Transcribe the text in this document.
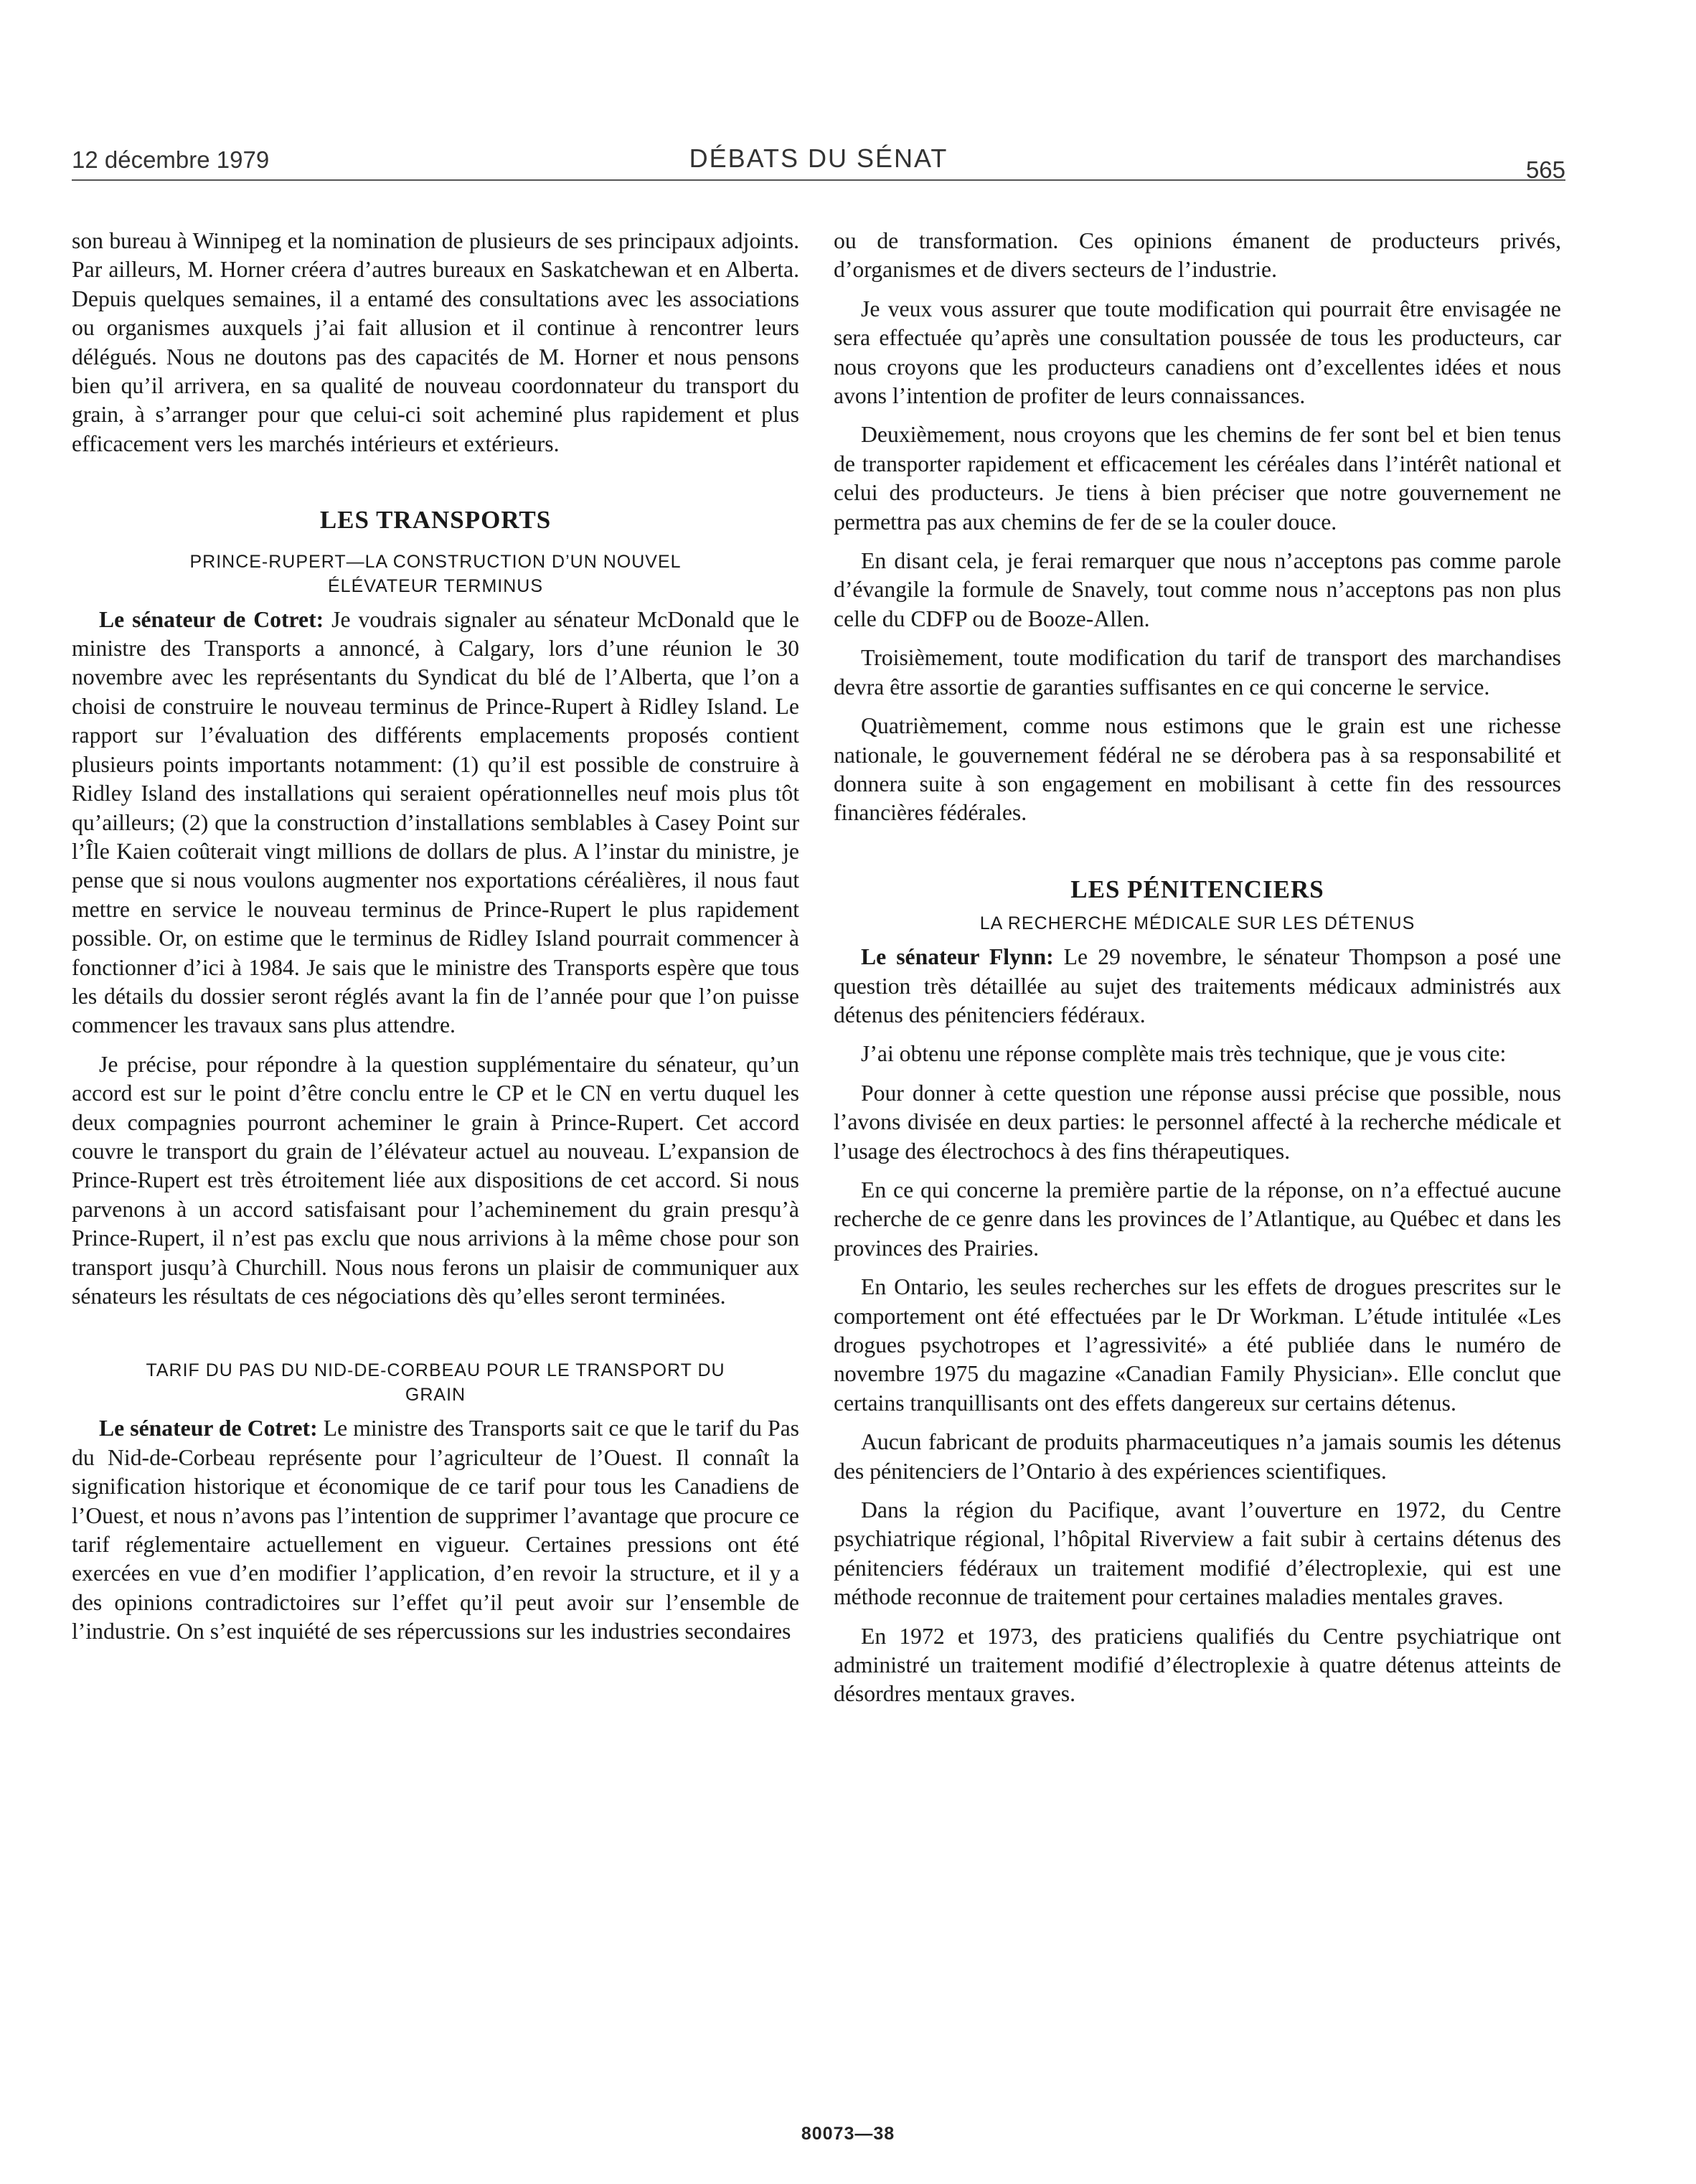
12 décembre 1979	DÉBATS DU SÉNAT	565

son bureau à Winnipeg et la nomination de plusieurs de ses principaux adjoints. Par ailleurs, M. Horner créera d’autres bureaux en Saskatchewan et en Alberta. Depuis quelques semaines, il a entamé des consultations avec les associations ou organismes auxquels j’ai fait allusion et il continue à rencontrer leurs délégués. Nous ne doutons pas des capacités de M. Horner et nous pensons bien qu’il arrivera, en sa qualité de nouveau coordonnateur du transport du grain, à s’arranger pour que celui-ci soit acheminé plus rapidement et plus efficacement vers les marchés intérieurs et extérieurs.

LES TRANSPORTS
PRINCE-RUPERT—LA CONSTRUCTION D’UN NOUVEL
ÉLÉVATEUR TERMINUS

Le sénateur de Cotret: Je voudrais signaler au sénateur McDonald que le ministre des Transports a annoncé, à Calgary, lors d’une réunion le 30 novembre avec les représentants du Syndicat du blé de l’Alberta, que l’on a choisi de construire le nouveau terminus de Prince-Rupert à Ridley Island. Le rapport sur l’évaluation des différents emplacements proposés contient plusieurs points importants notamment: (1) qu’il est possible de construire à Ridley Island des installations qui seraient opérationnelles neuf mois plus tôt qu’ailleurs; (2) que la construction d’installations semblables à Casey Point sur l’Île Kaien coûterait vingt millions de dollars de plus. A l’instar du ministre, je pense que si nous voulons augmenter nos exportations céréalières, il nous faut mettre en service le nouveau terminus de Prince-Rupert le plus rapidement possible. Or, on estime que le terminus de Ridley Island pourrait commencer à fonctionner d’ici à 1984. Je sais que le ministre des Transports espère que tous les détails du dossier seront réglés avant la fin de l’année pour que l’on puisse commencer les travaux sans plus attendre.

Je précise, pour répondre à la question supplémentaire du sénateur, qu’un accord est sur le point d’être conclu entre le CP et le CN en vertu duquel les deux compagnies pourront acheminer le grain à Prince-Rupert. Cet accord couvre le transport du grain de l’élévateur actuel au nouveau. L’expansion de Prince-Rupert est très étroitement liée aux dispositions de cet accord. Si nous parvenons à un accord satisfaisant pour l’acheminement du grain presqu’à Prince-Rupert, il n’est pas exclu que nous arrivions à la même chose pour son transport jusqu’à Churchill. Nous nous ferons un plaisir de communiquer aux sénateurs les résultats de ces négociations dès qu’elles seront terminées.

TARIF DU PAS DU NID-DE-CORBEAU POUR LE TRANSPORT DU
GRAIN

Le sénateur de Cotret: Le ministre des Transports sait ce que le tarif du Pas du Nid-de-Corbeau représente pour l’agriculteur de l’Ouest. Il connaît la signification historique et économique de ce tarif pour tous les Canadiens de l’Ouest, et nous n’avons pas l’intention de supprimer l’avantage que procure ce tarif réglementaire actuellement en vigueur. Certaines pressions ont été exercées en vue d’en modifier l’application, d’en revoir la structure, et il y a des opinions contradictoires sur l’effet qu’il peut avoir sur l’ensemble de l’industrie. On s’est inquiété de ses répercussions sur les industries secondaires

ou de transformation. Ces opinions émanent de producteurs privés, d’organismes et de divers secteurs de l’industrie.

Je veux vous assurer que toute modification qui pourrait être envisagée ne sera effectuée qu’après une consultation poussée de tous les producteurs, car nous croyons que les producteurs canadiens ont d’excellentes idées et nous avons l’intention de profiter de leurs connaissances.

Deuxièmement, nous croyons que les chemins de fer sont bel et bien tenus de transporter rapidement et efficacement les céréales dans l’intérêt national et celui des producteurs. Je tiens à bien préciser que notre gouvernement ne permettra pas aux chemins de fer de se la couler douce.

En disant cela, je ferai remarquer que nous n’acceptons pas comme parole d’évangile la formule de Snavely, tout comme nous n’acceptons pas non plus celle du CDFP ou de Booze-Allen.

Troisièmement, toute modification du tarif de transport des marchandises devra être assortie de garanties suffisantes en ce qui concerne le service.

Quatrièmement, comme nous estimons que le grain est une richesse nationale, le gouvernement fédéral ne se dérobera pas à sa responsabilité et donnera suite à son engagement en mobilisant à cette fin des ressources financières fédérales.

LES PÉNITENCIERS
LA RECHERCHE MÉDICALE SUR LES DÉTENUS

Le sénateur Flynn: Le 29 novembre, le sénateur Thompson a posé une question très détaillée au sujet des traitements médicaux administrés aux détenus des pénitenciers fédéraux.

J’ai obtenu une réponse complète mais très technique, que je vous cite:

Pour donner à cette question une réponse aussi précise que possible, nous l’avons divisée en deux parties: le personnel affecté à la recherche médicale et l’usage des électrochocs à des fins thérapeutiques.

En ce qui concerne la première partie de la réponse, on n’a effectué aucune recherche de ce genre dans les provinces de l’Atlantique, au Québec et dans les provinces des Prairies.

En Ontario, les seules recherches sur les effets de drogues prescrites sur le comportement ont été effectuées par le Dr Workman. L’étude intitulée «Les drogues psychotropes et l’agressivité» a été publiée dans le numéro de novembre 1975 du magazine «Canadian Family Physician». Elle conclut que certains tranquillisants ont des effets dangereux sur certains détenus.

Aucun fabricant de produits pharmaceutiques n’a jamais soumis les détenus des pénitenciers de l’Ontario à des expériences scientifiques.

Dans la région du Pacifique, avant l’ouverture en 1972, du Centre psychiatrique régional, l’hôpital Riverview a fait subir à certains détenus des pénitenciers fédéraux un traitement modifié d’électroplexie, qui est une méthode reconnue de traitement pour certaines maladies mentales graves.

En 1972 et 1973, des praticiens qualifiés du Centre psychiatrique ont administré un traitement modifié d’électroplexie à quatre détenus atteints de désordres mentaux graves.

80073—38
